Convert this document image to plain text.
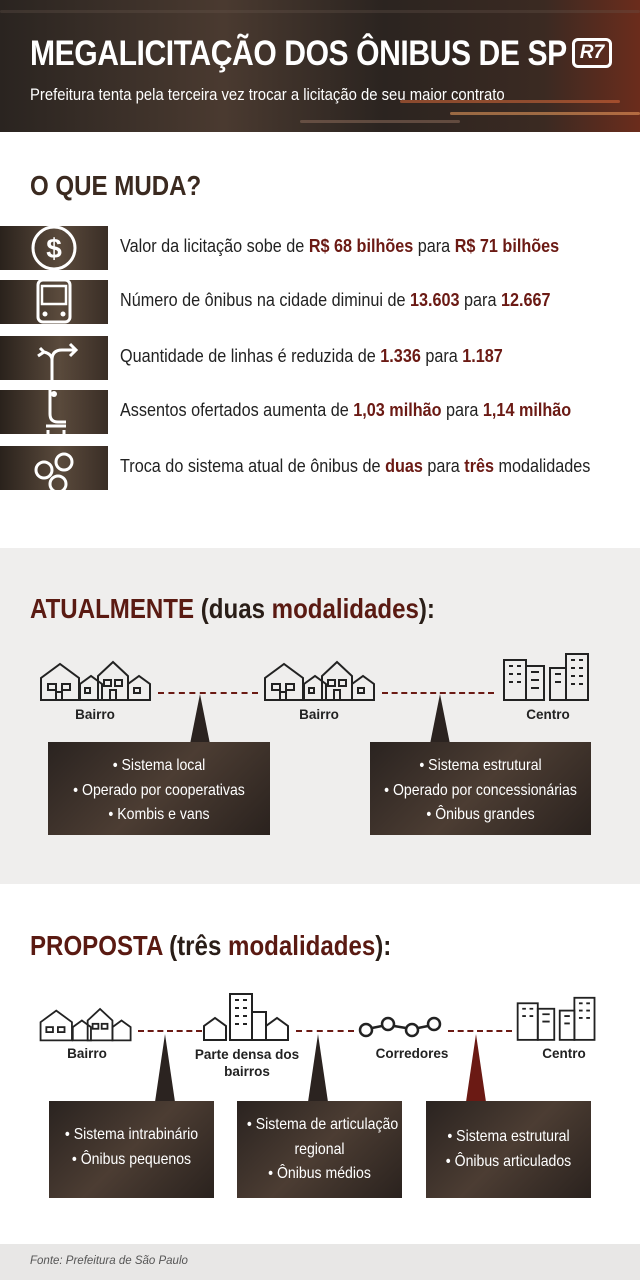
MEGALICITAÇÃO DOS ÔNIBUS DE SP
Prefeitura tenta pela terceira vez trocar a licitação de seu maior contrato
R7
O QUE MUDA?
$	Valor da licitação sobe de R$ 68 bilhões para R$ 71 bilhões
Número de ônibus na cidade diminui de 13.603 para 12.667
Quantidade de linhas é reduzida de 1.336 para 1.187
Assentos ofertados aumenta de 1,03 milhão para 1,14 milhão
Troca do sistema atual de ônibus de duas para três modalidades
ATUALMENTE (duas modalidades):
Bairro	Bairro	Centro
• Sistema local
• Operado por cooperativas
• Kombis e vans
• Sistema estrutural
• Operado por concessionárias
• Ônibus grandes
PROPOSTA (três modalidades):
Bairro	Parte densa dos
bairros
Corredores	Centro
• Sistema intrabinário
• Ônibus pequenos
• Sistema de articulação
regional
• Ônibus médios
• Sistema estrutural
• Ônibus articulados
Fonte: Prefeitura de São Paulo
